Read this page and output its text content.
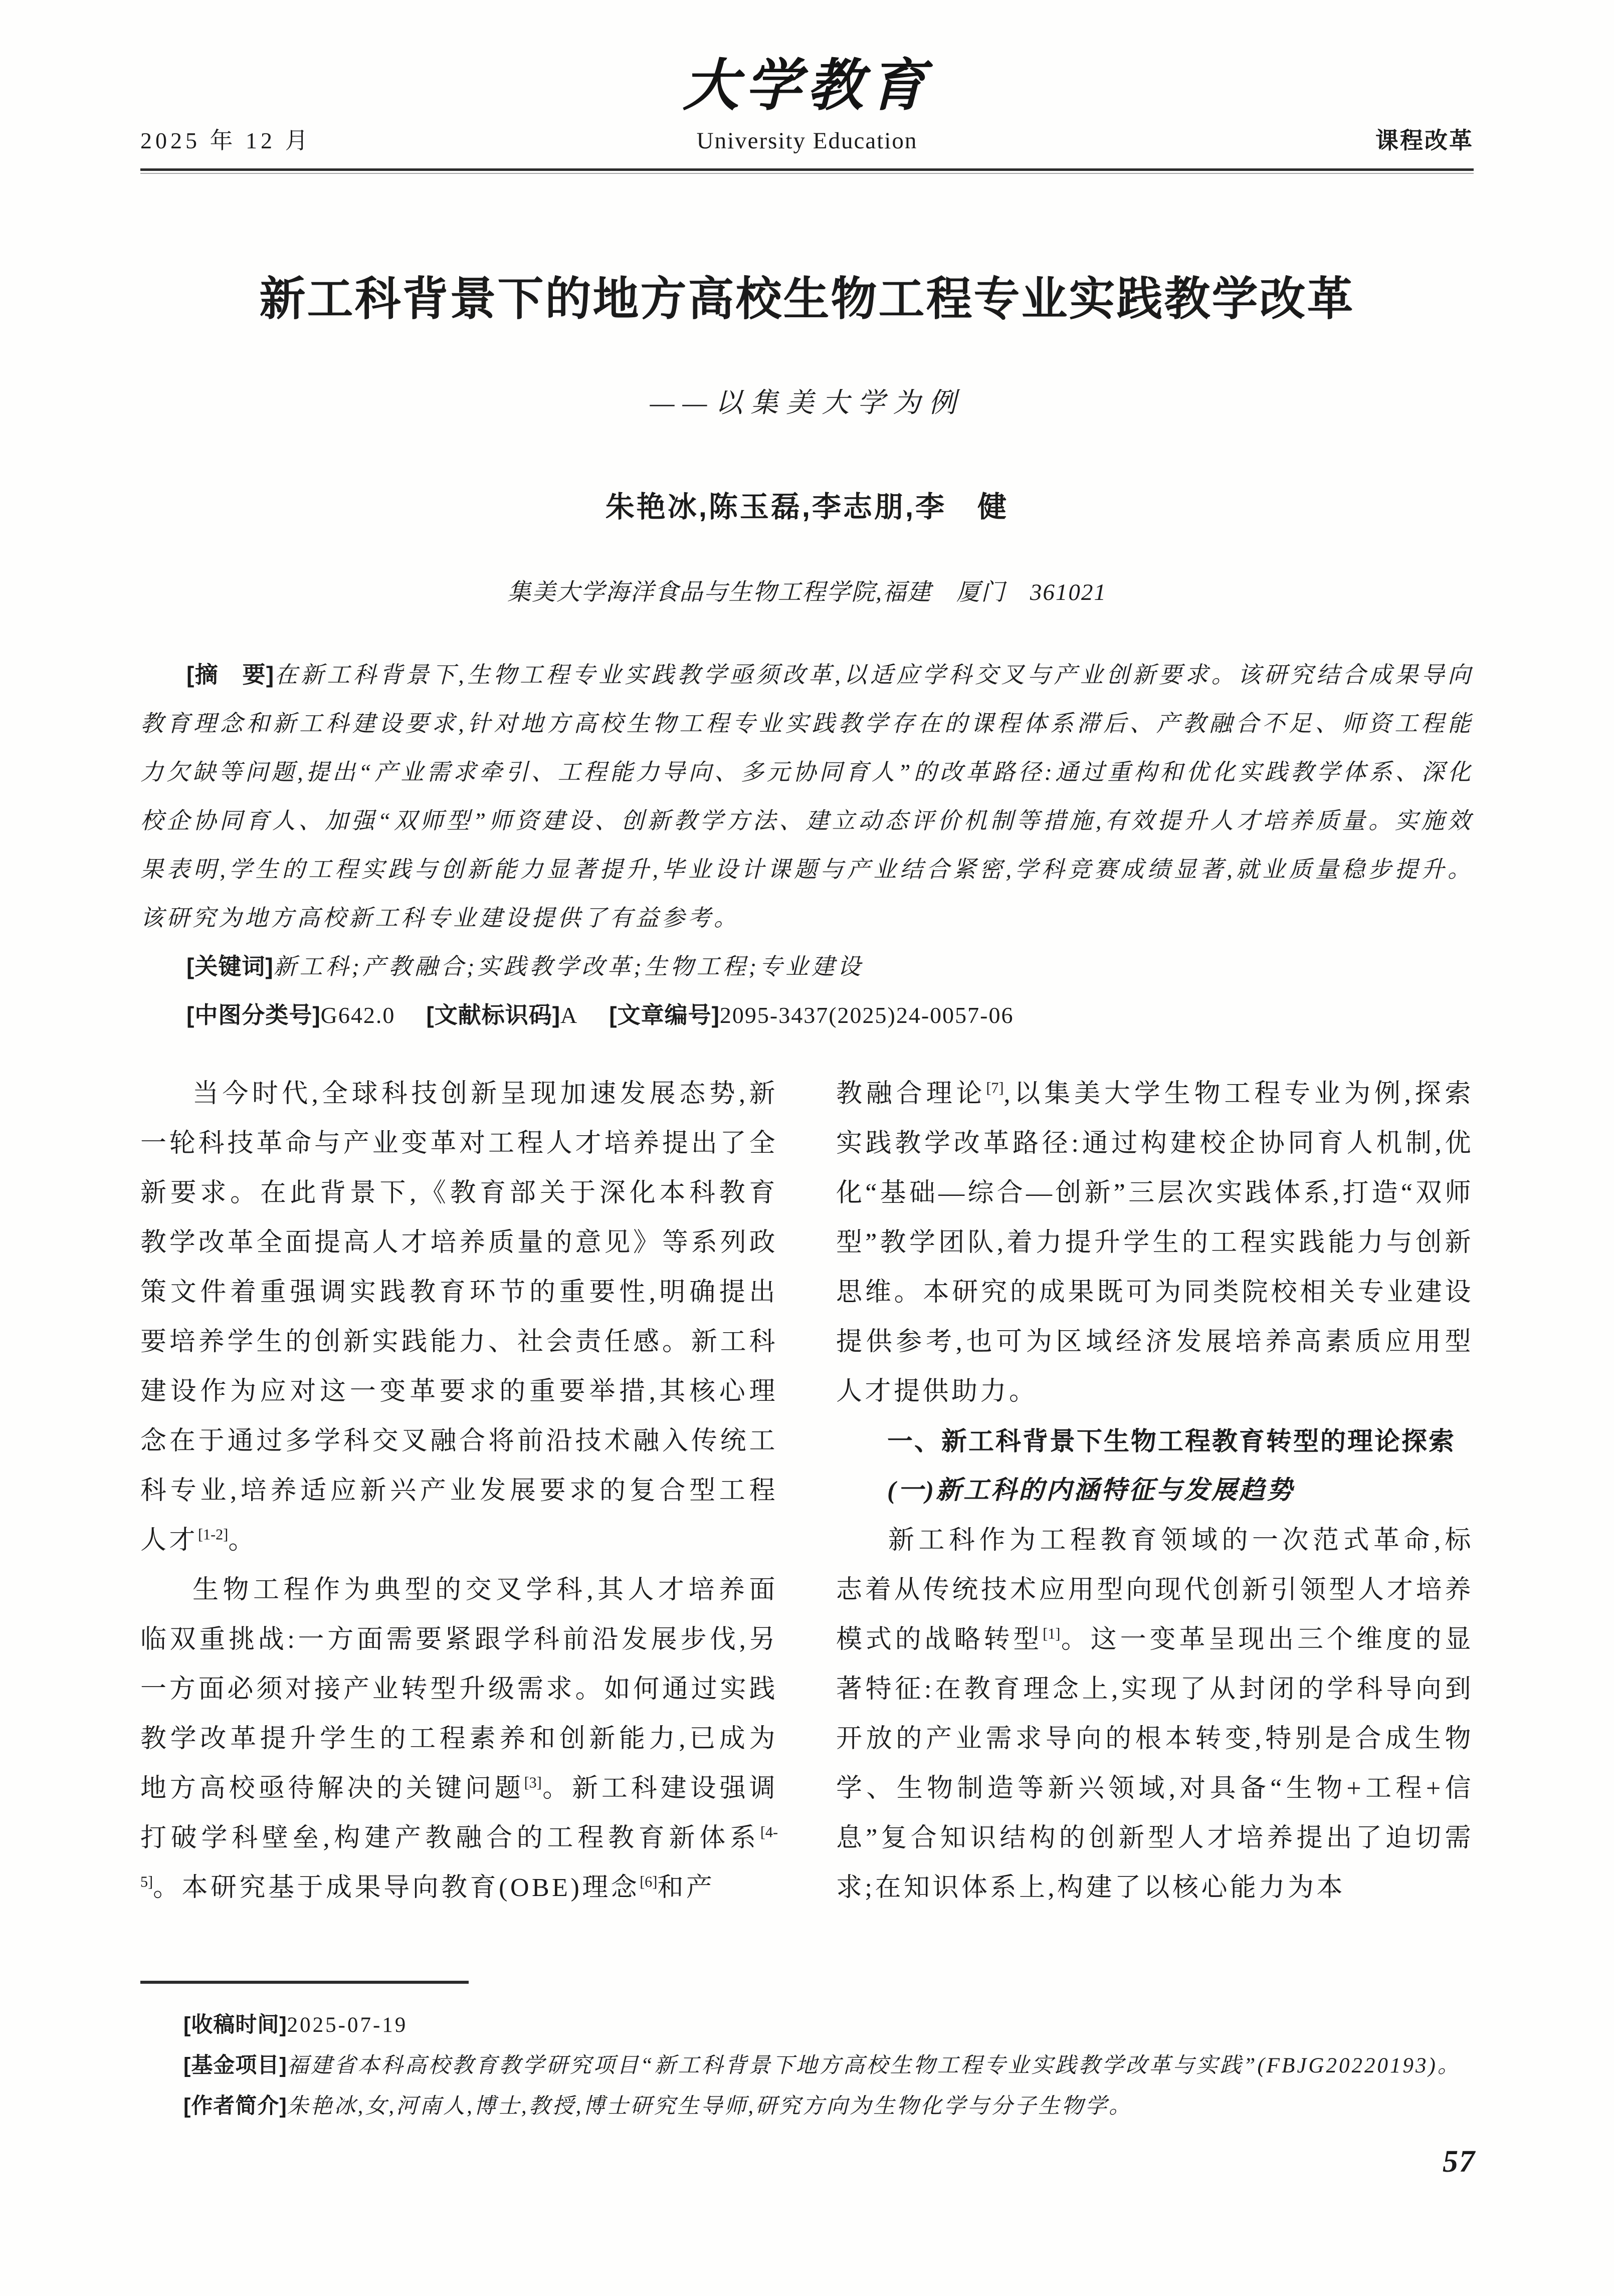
大学教育
2025 年 12 月	University Education	课程改革
新工科背景下的地方高校生物工程专业实践教学改革
——以集美大学为例
朱艳冰,陈玉磊,李志朋,李　健
集美大学海洋食品与生物工程学院,福建　厦门　361021

[摘　要]在新工科背景下,生物工程专业实践教学亟须改革,以适应学科交叉与产业创新要求。该研究结合成果导向教育理念和新工科建设要求,针对地方高校生物工程专业实践教学存在的课程体系滞后、产教融合不足、师资工程能力欠缺等问题,提出“产业需求牵引、工程能力导向、多元协同育人”的改革路径:通过重构和优化实践教学体系、深化校企协同育人、加强“双师型”师资建设、创新教学方法、建立动态评价机制等措施,有效提升人才培养质量。实施效果表明,学生的工程实践与创新能力显著提升,毕业设计课题与产业结合紧密,学科竞赛成绩显著,就业质量稳步提升。该研究为地方高校新工科专业建设提供了有益参考。

[关键词]新工科;产教融合;实践教学改革;生物工程;专业建设

[中图分类号]G642.0 [文献标识码]A [文章编号]2095-3437(2025)24-0057-06

当今时代,全球科技创新呈现加速发展态势,新一轮科技革命与产业变革对工程人才培养提出了全新要求。在此背景下,《教育部关于深化本科教育教学改革全面提高人才培养质量的意见》等系列政策文件着重强调实践教育环节的重要性,明确提出要培养学生的创新实践能力、社会责任感。新工科建设作为应对这一变革要求的重要举措,其核心理念在于通过多学科交叉融合将前沿技术融入传统工科专业,培养适应新兴产业发展要求的复合型工程人才[1-2]。

生物工程作为典型的交叉学科,其人才培养面临双重挑战:一方面需要紧跟学科前沿发展步伐,另一方面必须对接产业转型升级需求。如何通过实践教学改革提升学生的工程素养和创新能力,已成为地方高校亟待解决的关键问题[3]。新工科建设强调打破学科壁垒,构建产教融合的工程教育新体系[4-5]。本研究基于成果导向教育(OBE)理念[6]和产

教融合理论[7],以集美大学生物工程专业为例,探索实践教学改革路径:通过构建校企协同育人机制,优化“基础—综合—创新”三层次实践体系,打造“双师型”教学团队,着力提升学生的工程实践能力与创新思维。本研究的成果既可为同类院校相关专业建设提供参考,也可为区域经济发展培养高素质应用型人才提供助力。

一、新工科背景下生物工程教育转型的理论探索
(一)新工科的内涵特征与发展趋势

新工科作为工程教育领域的一次范式革命,标志着从传统技术应用型向现代创新引领型人才培养模式的战略转型[1]。这一变革呈现出三个维度的显著特征:在教育理念上,实现了从封闭的学科导向到开放的产业需求导向的根本转变,特别是合成生物学、生物制造等新兴领域,对具备“生物+工程+信息”复合知识结构的创新型人才培养提出了迫切需求;在知识体系上,构建了以核心能力为本

[收稿时间]2025-07-19

[基金项目]福建省本科高校教育教学研究项目“新工科背景下地方高校生物工程专业实践教学改革与实践”(FBJG20220193)。

[作者简介]朱艳冰,女,河南人,博士,教授,博士研究生导师,研究方向为生物化学与分子生物学。

57
